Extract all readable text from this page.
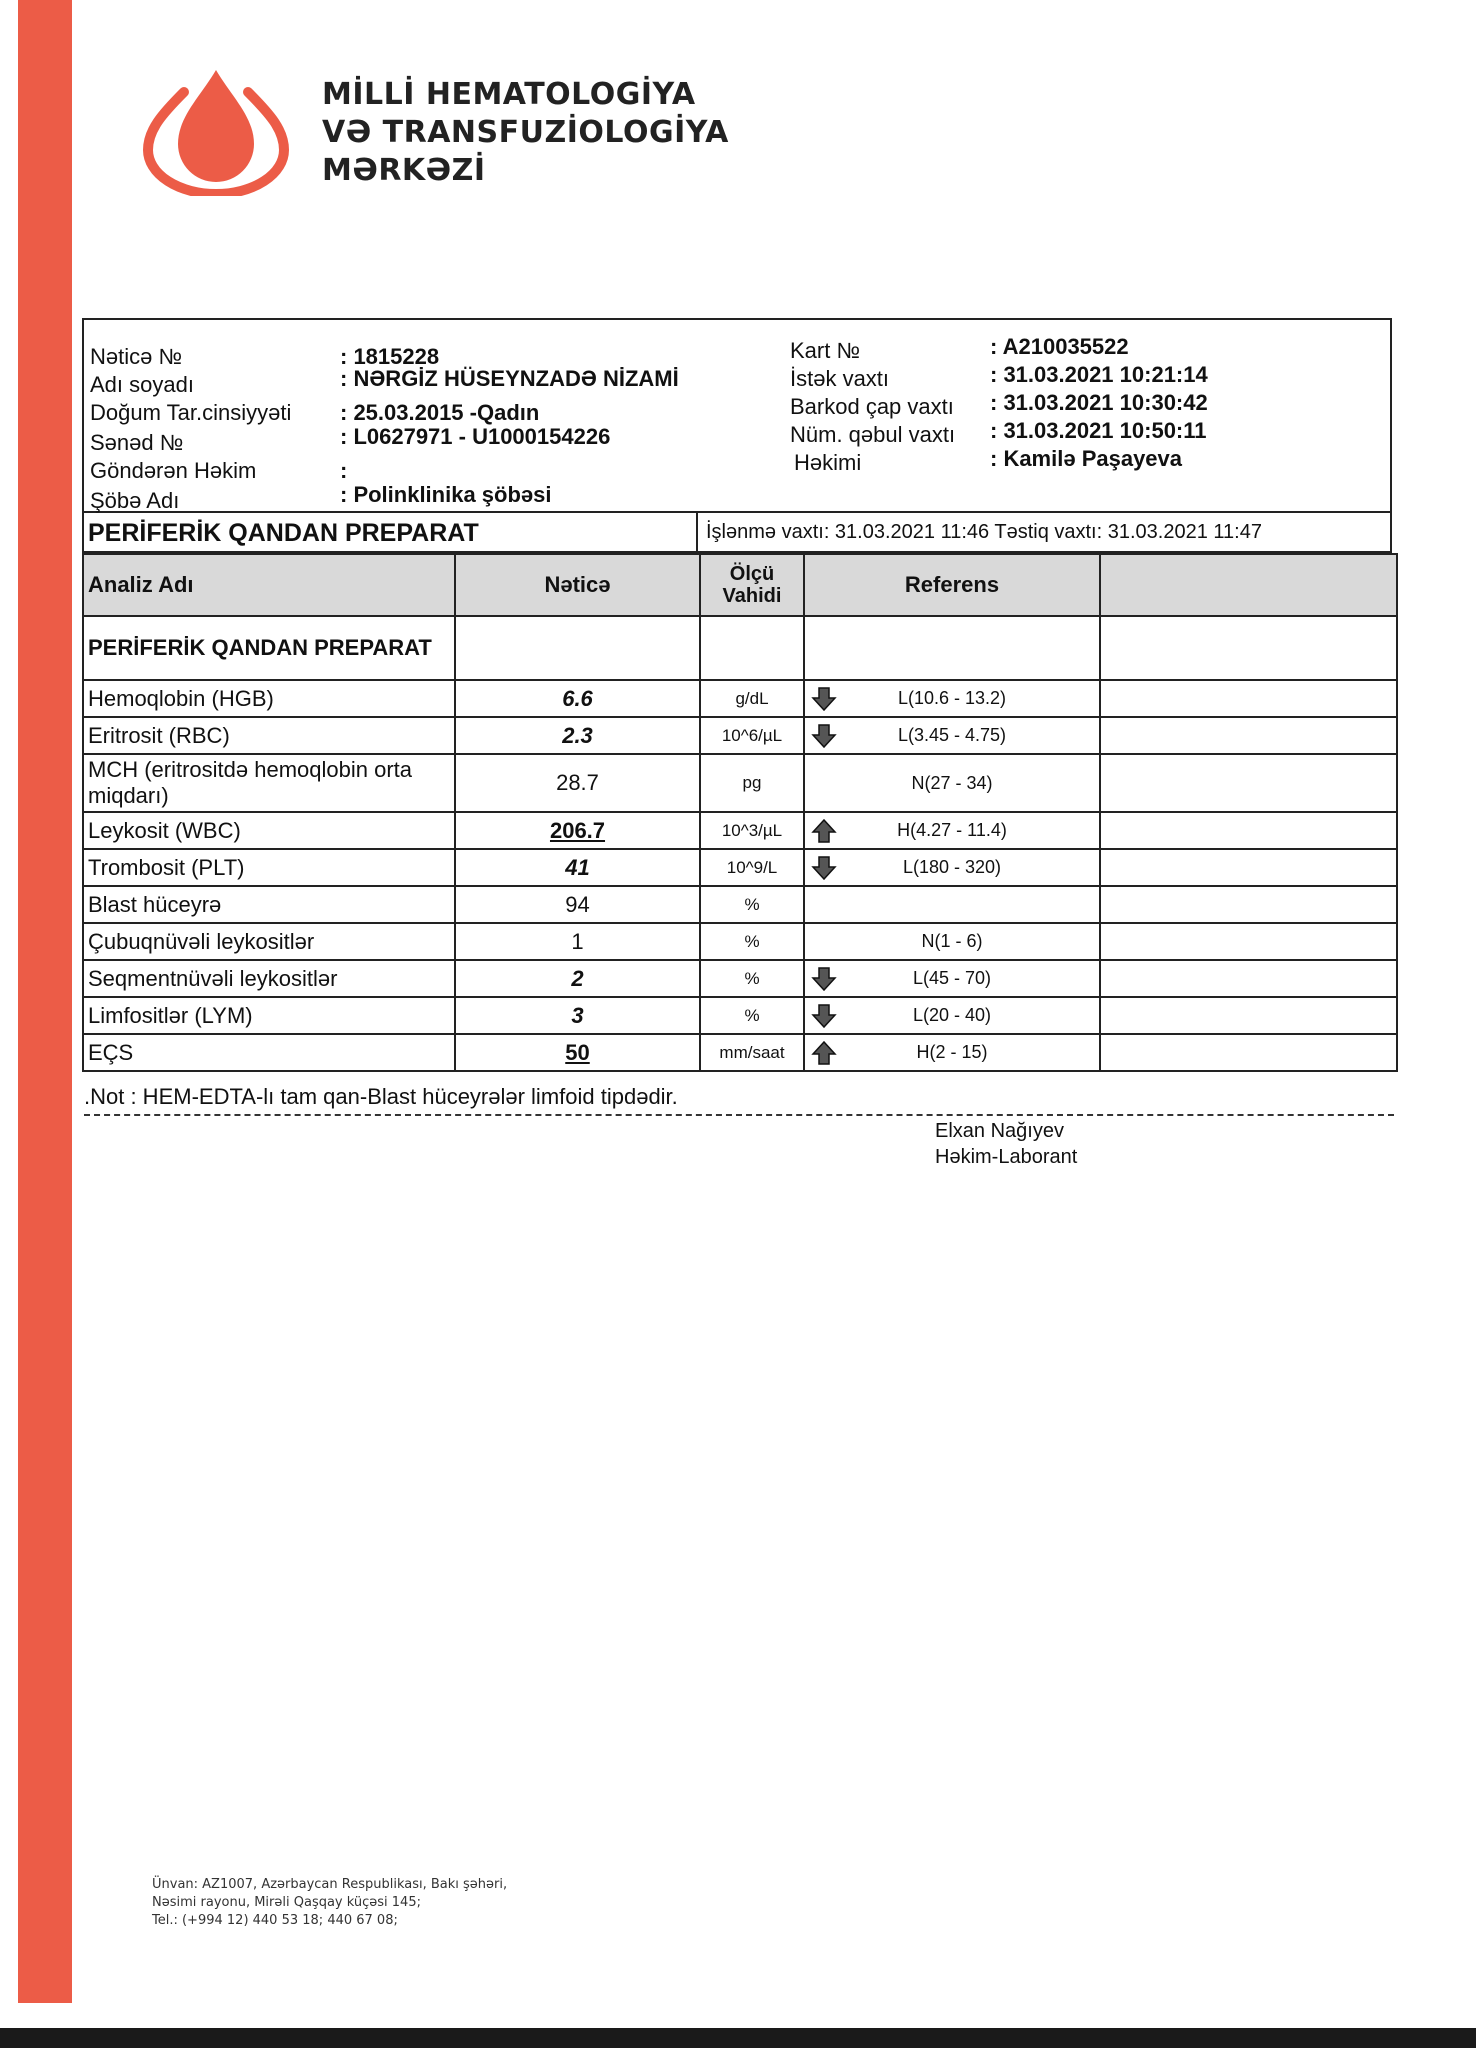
MİLLİ HEMATOLOGİYA
VƏ TRANSFUZİOLOGİYA
MƏRKƏZİ
Nəticə №	: 1815228
Adı soyadı	: NƏRGİZ HÜSEYNZADƏ NİZAMİ
Doğum Tar.cinsiyyəti : 25.03.2015 -Qadın
Sənəd №	: L0627971 - U1000154226
Göndərən Həkim	:
Şöbə Adı	: Polinklinika şöbəsi
Kart №	: A210035522
İstək vaxtı	: 31.03.2021 10:21:14
Barkod çap vaxtı : 31.03.2021 10:30:42
Nüm. qəbul vaxtı : 31.03.2021 10:50:11
Həkimi	: Kamilə Paşayeva
PERİFERİK QANDAN PREPARAT	İşlənmə vaxtı: 31.03.2021 11:46 Təstiq vaxtı: 31.03.2021 11:47
Analiz Adı	Nəticə	Ölçü Vahidi	Referens	
PERİFERİK QANDAN PREPARAT				
Hemoqlobin (HGB)	6.6	g/dL	L(10.6 - 13.2)	
Eritrosit (RBC)	2.3	10^6/µL	L(3.45 - 4.75)	
MCH (eritrositdə hemoqlobin orta miqdarı)	28.7	pg	N(27 - 34)	
Leykosit (WBC)	206.7	10^3/µL	H(4.27 - 11.4)	
Trombosit (PLT)	41	10^9/L	L(180 - 320)	
Blast hüceyrə	94	%		
Çubuqnüvəli leykositlər	1	%	N(1 - 6)	
Seqmentnüvəli leykositlər	2	%	L(45 - 70)	
Limfositlər (LYM)	3	%	L(20 - 40)	
EÇS	50	mm/saat	H(2 - 15)	
.Not : HEM-EDTA-lı tam qan-Blast hüceyrələr limfoid tipdədir.
Elxan Nağıyev
Həkim-Laborant
Ünvan: AZ1007, Azərbaycan Respublikası, Bakı şəhəri,
Nəsimi rayonu, Mirəli Qaşqay küçəsi 145;
Tel.: (+994 12) 440 53 18; 440 67 08;
